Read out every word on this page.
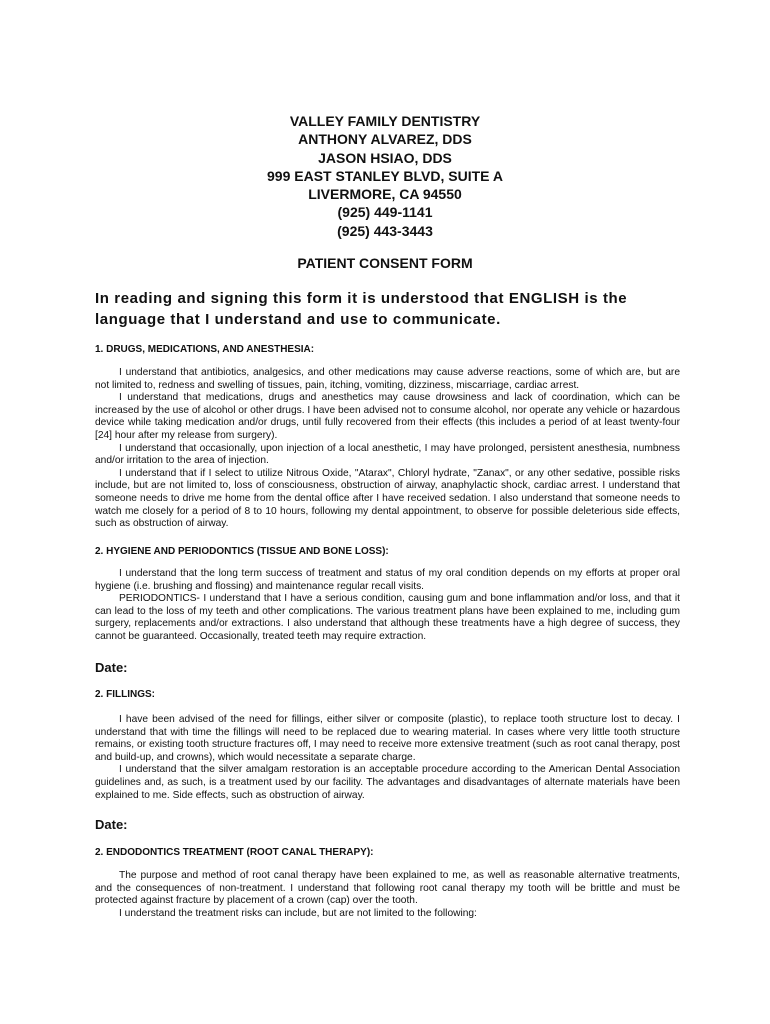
VALLEY FAMILY DENTISTRY
ANTHONY ALVAREZ, DDS
JASON HSIAO, DDS
999 EAST STANLEY BLVD, SUITE A
LIVERMORE, CA 94550
(925) 449-1141
(925) 443-3443
PATIENT CONSENT FORM
In reading and signing this form it is understood that ENGLISH is the language that I understand and use to communicate.
1. DRUGS, MEDICATIONS, AND ANESTHESIA:

I understand that antibiotics, analgesics, and other medications may cause adverse reactions, some of which are, but are not limited to, redness and swelling of tissues, pain, itching, vomiting, dizziness, miscarriage, cardiac arrest.

I understand that medications, drugs and anesthetics may cause drowsiness and lack of coordination, which can be increased by the use of alcohol or other drugs. I have been advised not to consume alcohol, nor operate any vehicle or hazardous device while taking medication and/or drugs, until fully recovered from their effects (this includes a period of at least twenty-four [24] hour after my release from surgery).

I understand that occasionally, upon injection of a local anesthetic, I may have prolonged, persistent anesthesia, numbness and/or irritation to the area of injection.

I understand that if I select to utilize Nitrous Oxide, "Atarax", Chloryl hydrate, "Zanax", or any other sedative, possible risks include, but are not limited to, loss of consciousness, obstruction of airway, anaphylactic shock, cardiac arrest. I understand that someone needs to drive me home from the dental office after I have received sedation. I also understand that someone needs to watch me closely for a period of 8 to 10 hours, following my dental appointment, to observe for possible deleterious side effects, such as obstruction of airway.

2. HYGIENE AND PERIODONTICS (TISSUE AND BONE LOSS):

I understand that the long term success of treatment and status of my oral condition depends on my efforts at proper oral hygiene (i.e. brushing and flossing) and maintenance regular recall visits.

PERIODONTICS- I understand that I have a serious condition, causing gum and bone inflammation and/or loss, and that it can lead to the loss of my teeth and other complications. The various treatment plans have been explained to me, including gum surgery, replacements and/or extractions. I also understand that although these treatments have a high degree of success, they cannot be guaranteed. Occasionally, treated teeth may require extraction.

Date:
2. FILLINGS:

I have been advised of the need for fillings, either silver or composite (plastic), to replace tooth structure lost to decay. I understand that with time the fillings will need to be replaced due to wearing material. In cases where very little tooth structure remains, or existing tooth structure fractures off, I may need to receive more extensive treatment (such as root canal therapy, post and build-up, and crowns), which would necessitate a separate charge.

I understand that the silver amalgam restoration is an acceptable procedure according to the American Dental Association guidelines and, as such, is a treatment used by our facility. The advantages and disadvantages of alternate materials have been explained to me. Side effects, such as obstruction of airway.

Date:
2. ENDODONTICS TREATMENT (ROOT CANAL THERAPY):

The purpose and method of root canal therapy have been explained to me, as well as reasonable alternative treatments, and the consequences of non-treatment. I understand that following root canal therapy my tooth will be brittle and must be protected against fracture by placement of a crown (cap) over the tooth.

I understand the treatment risks can include, but are not limited to the following:
